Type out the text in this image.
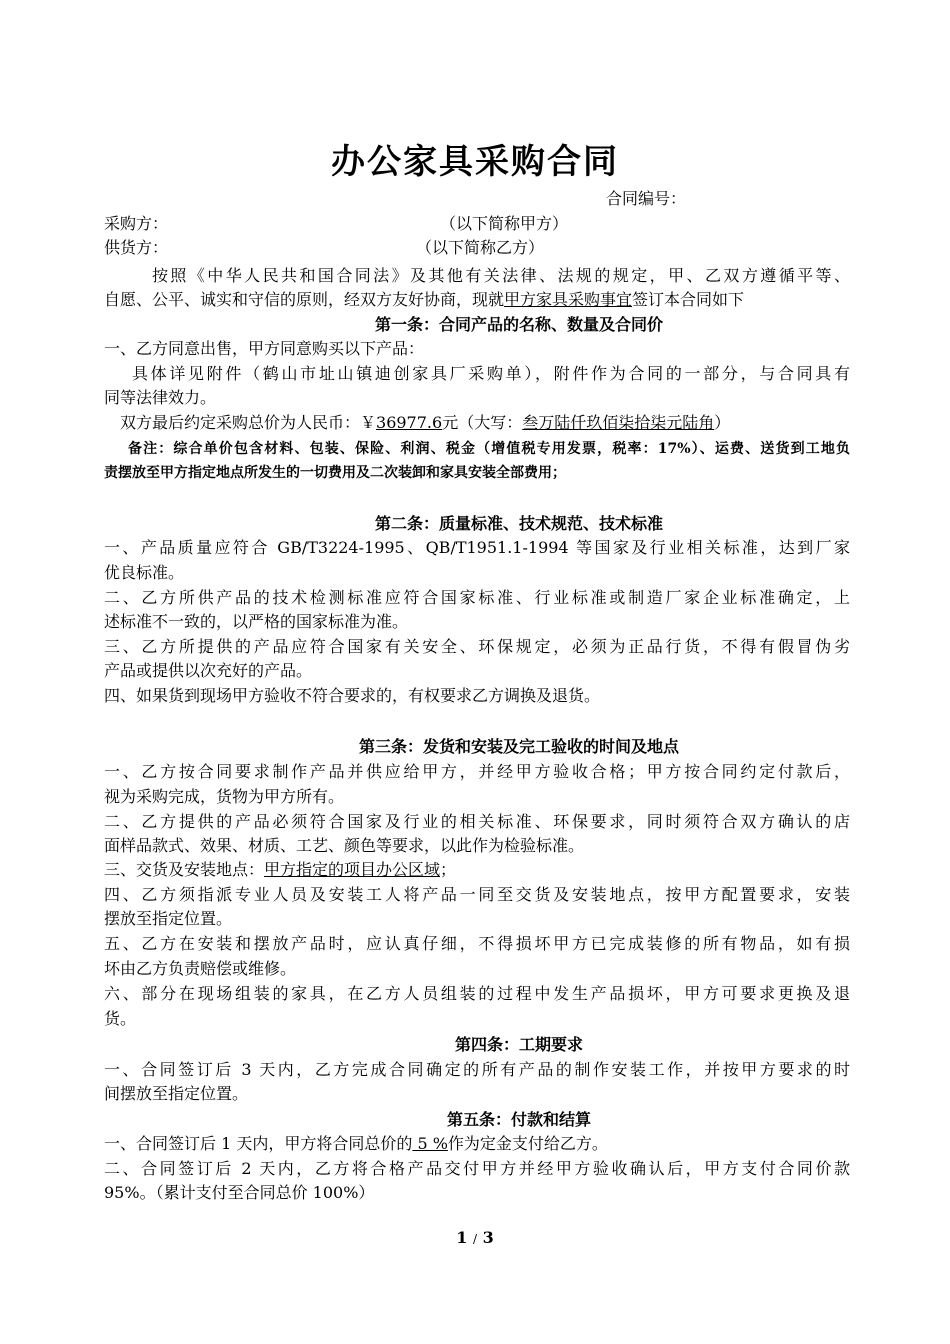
办公家具采购合同
合同编号：
采购方：	（以下简称甲方）
供货方：	（以下简称乙方）
按照《中华人民共和国合同法》及其他有关法律、法规的规定，甲、乙双方遵循平等、
自愿、公平、诚实和守信的原则，经双方友好协商，现就甲方家具采购事宜签订本合同如下
第一条：合同产品的名称、数量及合同价
一、乙方同意出售，甲方同意购买以下产品：
具体详见附件（鹤山市址山镇迪创家具厂采购单），附件作为合同的一部分，与合同具有
同等法律效力。
双方最后约定采购总价为人民币：￥36977.6元（大写：叁万陆仟玖佰柒拾柒元陆角）
备注：综合单价包含材料、包装、保险、利润、税金（增值税专用发票，税率：17%）、运费、送货到工地负
责摆放至甲方指定地点所发生的一切费用及二次装卸和家具安装全部费用；
第二条：质量标准、技术规范、技术标准
一、产品质量应符合 GB/T3224-1995、QB/T1951.1-1994 等国家及行业相关标准，达到厂家
优良标准。
二、乙方所供产品的技术检测标准应符合国家标准、行业标准或制造厂家企业标准确定，上
述标准不一致的，以严格的国家标准为准。
三、乙方所提供的产品应符合国家有关安全、环保规定，必须为正品行货，不得有假冒伪劣
产品或提供以次充好的产品。
四、如果货到现场甲方验收不符合要求的，有权要求乙方调换及退货。
第三条：发货和安装及完工验收的时间及地点
一、乙方按合同要求制作产品并供应给甲方，并经甲方验收合格；甲方按合同约定付款后，
视为采购完成，货物为甲方所有。
二、乙方提供的产品必须符合国家及行业的相关标准、环保要求，同时须符合双方确认的店
面样品款式、效果、材质、工艺、颜色等要求，以此作为检验标准。
三、交货及安装地点：甲方指定的项目办公区域；
四、乙方须指派专业人员及安装工人将产品一同至交货及安装地点，按甲方配置要求，安装
摆放至指定位置。
五、乙方在安装和摆放产品时，应认真仔细，不得损坏甲方已完成装修的所有物品，如有损
坏由乙方负责赔偿或维修。
六、部分在现场组装的家具，在乙方人员组装的过程中发生产品损坏，甲方可要求更换及退
货。
第四条：工期要求
一、合同签订后 3 天内，乙方完成合同确定的所有产品的制作安装工作，并按甲方要求的时
间摆放至指定位置。
第五条：付款和结算
一、合同签订后 1 天内，甲方将合同总价的 5 %作为定金支付给乙方。
二、合同签订后 2 天内，乙方将合格产品交付甲方并经甲方验收确认后，甲方支付合同价款
95%。（累计支付至合同总价 100%）
1 / 3
